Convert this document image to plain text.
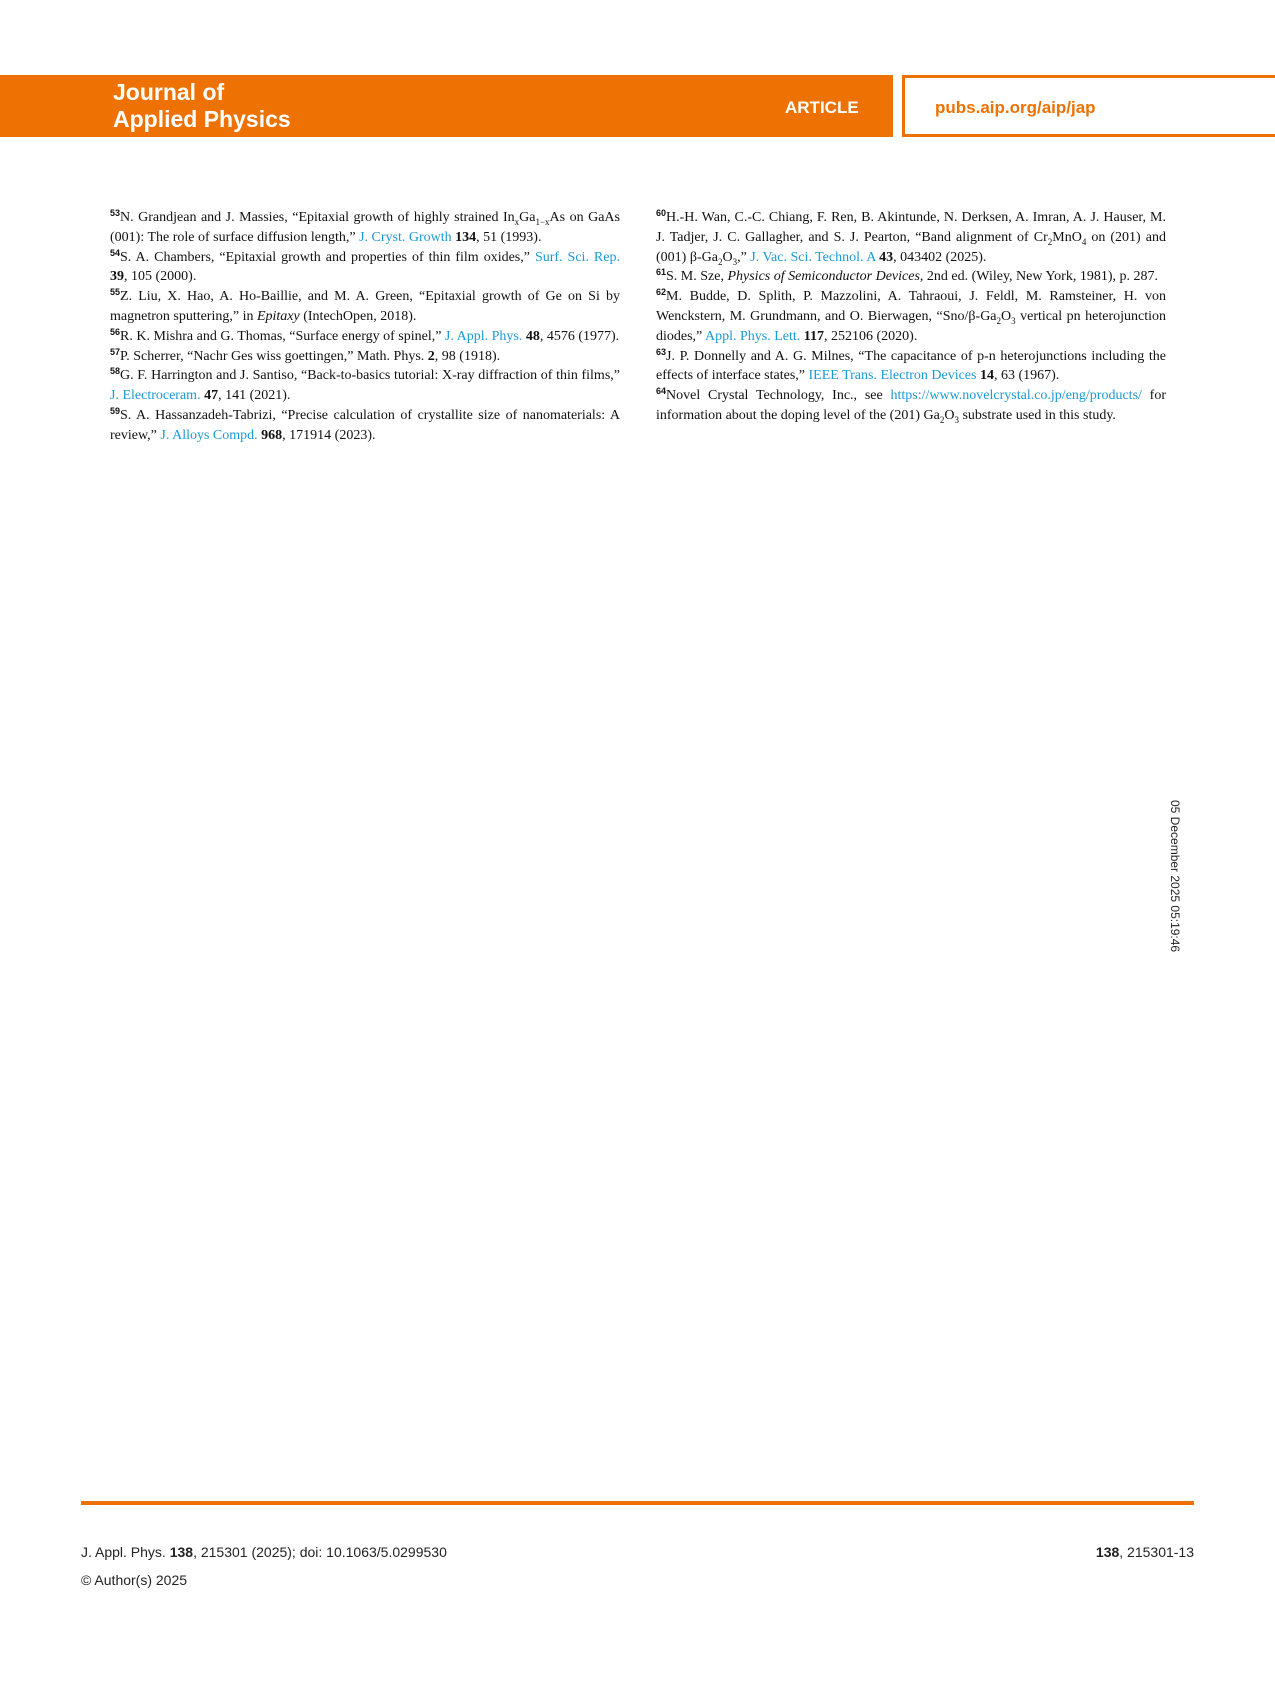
Journal of
Applied Physics	ARTICLE	pubs.aip.org/aip/jap

$^{53}$N. Grandjean and J. Massies, “Epitaxial growth of highly strained $In_xGa_{1-x}As$ on GaAs (001): The role of surface diffusion length,” J. Cryst. Growth 134, 51 (1993).

$^{54}$S. A. Chambers, “Epitaxial growth and properties of thin film oxides,” Surf. Sci. Rep. 39, 105 (2000).

$^{55}$Z. Liu, X. Hao, A. Ho-Baillie, and M. A. Green, “Epitaxial growth of Ge on Si by magnetron sputtering,” in Epitaxy (IntechOpen, 2018).

$^{56}$R. K. Mishra and G. Thomas, “Surface energy of spinel,” J. Appl. Phys. 48, 4576 (1977).

$^{57}$P. Scherrer, “Nachr Ges wiss goettingen,” Math. Phys. 2, 98 (1918).

$^{58}$G. F. Harrington and J. Santiso, “Back-to-basics tutorial: X-ray diffraction of thin films,” J. Electroceram. 47, 141 (2021).

$^{59}$S. A. Hassanzadeh-Tabrizi, “Precise calculation of crystallite size of nanomaterials: A review,” J. Alloys Compd. 968, 171914 (2023).

$^{60}$H.-H. Wan, C.-C. Chiang, F. Ren, B. Akintunde, N. Derksen, A. Imran, A. J. Hauser, M. J. Tadjer, J. C. Gallagher, and S. J. Pearton, “Band alignment of $Cr_2MnO_4$ on (201) and (001) $\beta-Ga_2O_3$,” J. Vac. Sci. Technol. A 43, 043402 (2025).

$^{61}$S. M. Sze, Physics of Semiconductor Devices, 2nd ed. (Wiley, New York, 1981), p. 287.

$^{62}$M. Budde, D. Splith, P. Mazzolini, A. Tahraoui, J. Feldl, M. Ramsteiner, H. von Wenckstern, M. Grundmann, and O. Bierwagen, “$Sno/\beta-Ga_2O_3$ vertical pn heterojunction diodes,” Appl. Phys. Lett. 117, 252106 (2020).

$^{63}$J. P. Donnelly and A. G. Milnes, “The capacitance of p-n heterojunctions including the effects of interface states,” IEEE Trans. Electron Devices 14, 63 (1967).

$^{64}$Novel Crystal Technology, Inc., see https://www.novelcrystal.co.jp/eng/products/ for information about the doping level of the (201) $Ga_2O_3$ substrate used in this study.

05 December 2025 05:19:46
J. Appl. Phys. 138, 215301 (2025); doi: 10.1063/5.0299530
© Author(s) 2025
138, 215301-13
